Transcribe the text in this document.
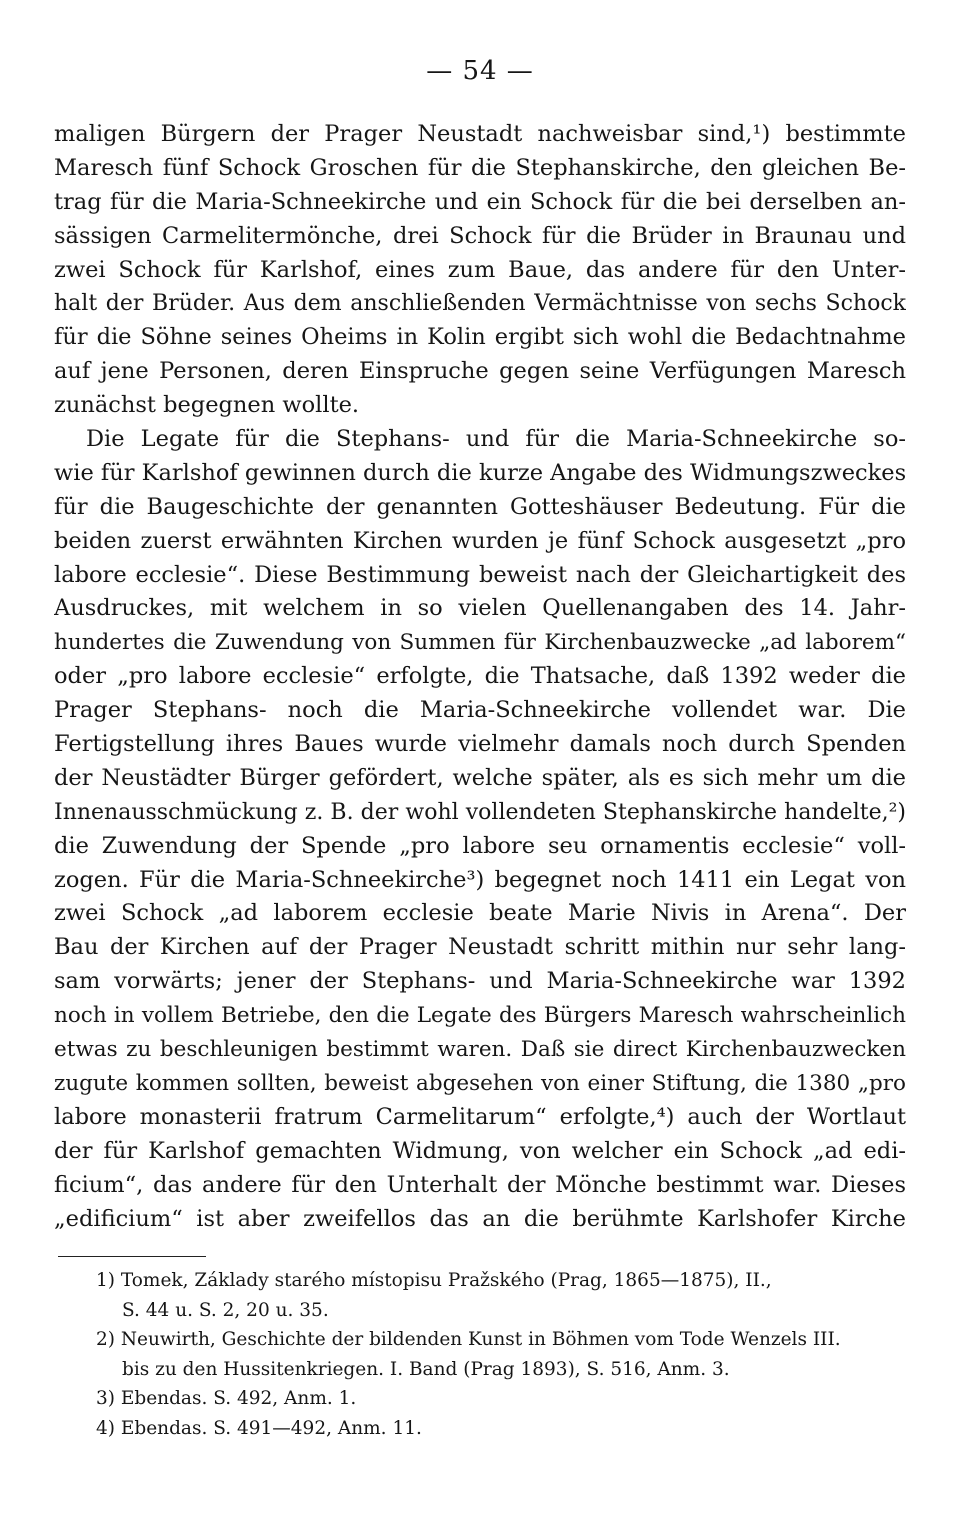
— 54 —
maligen Bürgern der Prager Neustadt nachweisbar sind,¹) bestimmte
Maresch fünf Schock Groschen für die Stephanskirche, den gleichen Be-
trag für die Maria-Schneekirche und ein Schock für die bei derselben an-
sässigen Carmelitermönche, drei Schock für die Brüder in Braunau und
zwei Schock für Karlshof, eines zum Baue, das andere für den Unter-
halt der Brüder. Aus dem anschließenden Vermächtnisse von sechs Schock
für die Söhne seines Oheims in Kolin ergibt sich wohl die Bedachtnahme
auf jene Personen, deren Einspruche gegen seine Verfügungen Maresch
zunächst begegnen wollte.
Die Legate für die Stephans- und für die Maria-Schneekirche so-
wie für Karlshof gewinnen durch die kurze Angabe des Widmungszweckes
für die Baugeschichte der genannten Gotteshäuser Bedeutung. Für die
beiden zuerst erwähnten Kirchen wurden je fünf Schock ausgesetzt „pro
labore ecclesie“. Diese Bestimmung beweist nach der Gleichartigkeit des
Ausdruckes, mit welchem in so vielen Quellenangaben des 14. Jahr-
hundertes die Zuwendung von Summen für Kirchenbauzwecke „ad laborem“
oder „pro labore ecclesie“ erfolgte, die Thatsache, daß 1392 weder die
Prager Stephans- noch die Maria-Schneekirche vollendet war. Die
Fertigstellung ihres Baues wurde vielmehr damals noch durch Spenden
der Neustädter Bürger gefördert, welche später, als es sich mehr um die
Innenausschmückung z. B. der wohl vollendeten Stephanskirche handelte,²)
die Zuwendung der Spende „pro labore seu ornamentis ecclesie“ voll-
zogen. Für die Maria-Schneekirche³) begegnet noch 1411 ein Legat von
zwei Schock „ad laborem ecclesie beate Marie Nivis in Arena“. Der
Bau der Kirchen auf der Prager Neustadt schritt mithin nur sehr lang-
sam vorwärts; jener der Stephans- und Maria-Schneekirche war 1392
noch in vollem Betriebe, den die Legate des Bürgers Maresch wahrscheinlich
etwas zu beschleunigen bestimmt waren. Daß sie direct Kirchenbauzwecken
zugute kommen sollten, beweist abgesehen von einer Stiftung, die 1380 „pro
labore monasterii fratrum Carmelitarum“ erfolgte,⁴) auch der Wortlaut
der für Karlshof gemachten Widmung, von welcher ein Schock „ad edi-
ficium“, das andere für den Unterhalt der Mönche bestimmt war. Dieses
„edificium“ ist aber zweifellos das an die berühmte Karlshofer Kirche
1) Tomek, Základy starého místopisu Pražského (Prag, 1865—1875), II.,
S. 44 u. S. 2, 20 u. 35.
2) Neuwirth, Geschichte der bildenden Kunst in Böhmen vom Tode Wenzels III.
bis zu den Hussitenkriegen. I. Band (Prag 1893), S. 516, Anm. 3.
3) Ebendas. S. 492, Anm. 1.
4) Ebendas. S. 491—492, Anm. 11.
